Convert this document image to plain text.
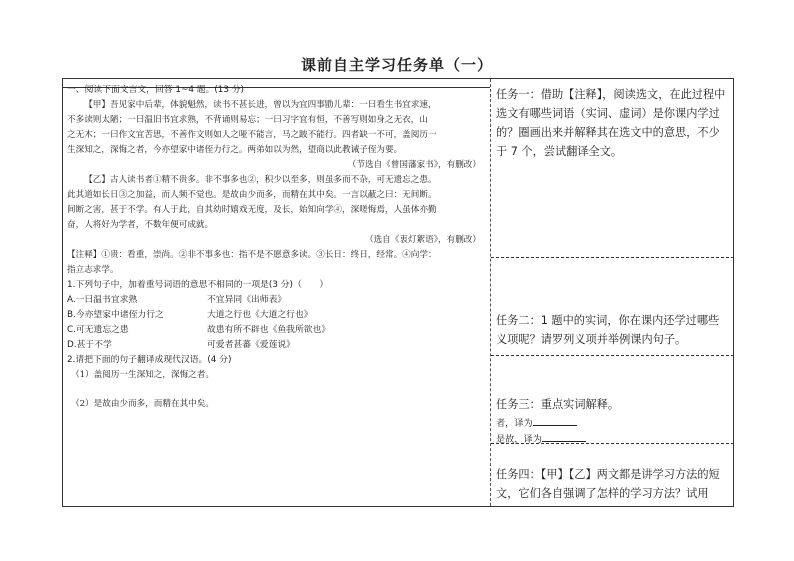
课前自主学习任务单（一）

一、阅读下面文言文，回答 1~4 题。(13 分)

【甲】吾见家中后辈，体貌魁然，读书不甚长进，曾以为宜四事勖儿辈：一曰看生书宜求速，

不多读则太陋；一曰温旧书宜求熟，不背诵则易忘；一曰习字宜有恒，不善写则如身之无衣，山

之无木；一曰作文宜苦思，不善作文则如人之哑不能言，马之跛不能行。四者缺一不可，盖阅历一

生深知之，深悔之者，今亦望家中诸侄力行之。两弟如以为然，望商以此教诫子侄为要。

（节选自《曾国藩家书》，有删改）

【乙】古人读书者①精不贵多。非不事多也②，积少以至多，则虽多而不杂，可无遗忘之患。

此其道如长日③之加益，而人频不觉也。是故由少而多，而精在其中矣。一言以蔽之曰：无间断。

间断之害，甚于不学。有人于此，自其幼时嬉戏无度，及长，始知向学④，深嗟悔焉，人虽体亦勤

奋，人将好为学者，不数年便可成就。

（选自《衷灯絮语》，有删改）

【注释】①贵：看重，崇尚。②非不事多也：指不是不愿意多读。③长日：终日，经常。④向学：

指立志求学。

1.下列句子中，加着重号词语的意思不相同的一项是(3 分)（　　）

A.一曰温书宜求熟	不宜异同《出师表》
B.今亦望家中诸侄力行之	大道之行也《大道之行也》
C.可无遗忘之患	故患有所不辟也《鱼我所欲也》
D.甚于不学	可爱者甚蕃《爱莲说》

2.请把下面的句子翻译成现代汉语。(4 分)

（1）盖阅历一生深知之，深悔之者。

（2）是故由少而多，而精在其中矣。

任务一：借助【注释】，阅读选文，在此过程中选文有哪些词语（实词、虚词）是你课内学过的？圈画出来并解释其在选文中的意思，不少于 7 个，尝试翻译全文。

任务二：1 题中的实词，你在课内还学过哪些义项呢？请罗列义项并举例课内句子。

任务三：重点实词解释。

者，译为

是故，译为

任务四：【甲】【乙】两文都是讲学习方法的短文，它们各自强调了怎样的学习方法？试用
